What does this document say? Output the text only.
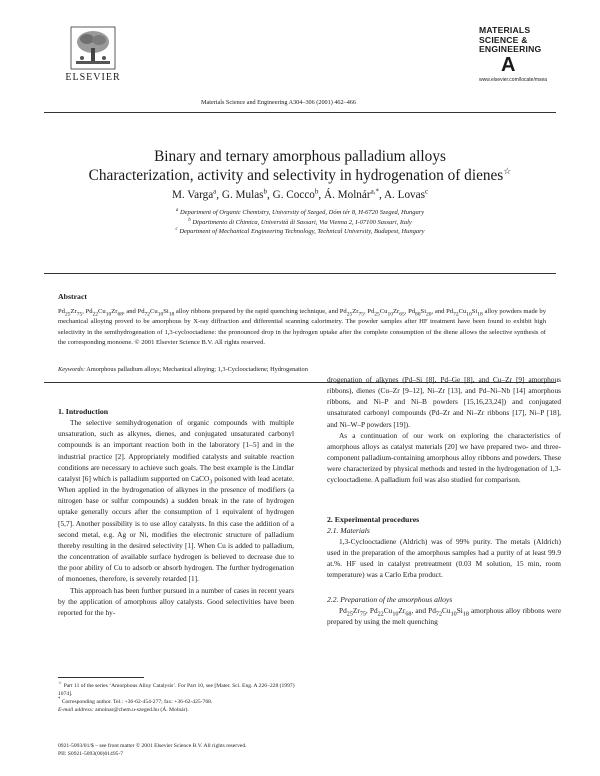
ELSEVIER
Materials Science and Engineering A304–306 (2001) 462–466
MATERIALS
SCIENCE &
ENGINEERING
A
www.elsevier.com/locate/msea
Binary and ternary amorphous palladium alloys
Characterization, activity and selectivity in hydrogenation of dienes☆
M. Varga$^a$, G. Mulas$^b$, G. Cocco$^b$, Á. Molnár$^{a,*}$, A. Lovas$^c$
$^a$ Department of Organic Chemistry, University of Szeged, Dóm tér 8, H-6720 Szeged, Hungary
$^b$ Dipartimento di Chimica, Università di Sassari, Via Vienna 2, I-07100 Sassari, Italy
$^c$ Department of Mechanical Engineering Technology, Technical University, Budapest, Hungary
Abstract
$Pd_{25}Zr_{75}$, $Pd_{22}Cu_{10}Zr_{68}$, and $Pd_{72}Cu_{10}Si_{18}$ alloy ribbons prepared by the rapid quenching technique, and $Pd_{25}Zr_{75}$, $Pd_{25}Cu_{10}Zr_{65}$, $Pd_{80}Si_{20}$, and $Pd_{72}Cu_{10}Si_{18}$ alloy powders made by mechanical alloying proved to be amorphous by X-ray diffraction and differential scanning calorimetry. The powder samples after HF treatment have been found to exhibit high selectivity in the semihydrogenation of 1,3-cyclooctadiene: the pronounced drop in the hydrogen uptake after the complete consumption of the diene allows the selective synthesis of the corresponding monoene. © 2001 Elsevier Science B.V. All rights reserved.
Keywords: Amorphous palladium alloys; Mechanical alloying; 1,3-Cyclooctadiene; Hydrogenation

1. Introduction

The selective semihydrogenation of organic compounds with multiple unsaturation, such as alkynes, dienes, and conjugated unsaturated carbonyl compounds is an important reaction both in the laboratory [1–5] and in the industrial practice [2]. Appropriately modified catalysts and suitable reaction conditions are necessary to achieve such goals. The best example is the Lindlar catalyst [6] which is palladium supported on CaCO$_3$ poisoned with lead acetate. When applied in the hydrogenation of alkynes in the presence of modifiers (a nitrogen base or sulfur compounds) a sudden break in the rate of hydrogen uptake generally occurs after the consumption of 1 equivalent of hydrogen [5,7]. Another possibility is to use alloy catalysts. In this case the addition of a second metal, e.g. Ag or Ni, modifies the electronic structure of palladium thereby resulting in the desired selectivity [1]. When Cu is added to palladium, the concentration of available surface hydrogen is believed to decrease due to the poor ability of Cu to adsorb or absorb hydrogen. The further hydrogenation of monoenes, therefore, is severely retarded [1].

This approach has been further pursued in a number of cases in recent years by the application of amorphous alloy catalysts. Good selectivities have been reported for the hy-

drogenation of alkynes (Pd–Si [8], Pd–Ge [8], and Cu–Zr [9] amorphous ribbons), dienes (Cu–Zr [9–12], Ni–Zr [13], and Pd–Ni–Nb [14] amorphous ribbons, and Ni–P and Ni–B powders [15,16,23,24]) and conjugated unsaturated carbonyl compounds (Pd–Zr and Ni–Zr ribbons [17], Ni–P [18], and Ni–W–P powders [19]).

As a continuation of our work on exploring the characteristics of amorphous alloys as catalyst materials [20] we have prepared two- and three-component palladium-containing amorphous alloy ribbons and powders. These were characterized by physical methods and tested in the hydrogenation of 1,3-cyclooctadiene. A palladium foil was also studied for comparison.

2. Experimental procedures

2.1. Materials

1,3-Cyclooctadiene (Aldrich) was of 99% purity. The metals (Aldrich) used in the preparation of the amorphous samples had a purity of at least 99.9 at.%. HF used in catalyst pretreatment (0.03 M solution, 15 min, room temperature) was a Carlo Erba product.

2.2. Preparation of the amorphous alloys

$Pd_{25}Zr_{75}$, $Pd_{22}Cu_{10}Zr_{68}$, and $Pd_{72}Cu_{10}Si_{18}$ amorphous alloy ribbons were prepared by using the melt quenching

☆ Part 11 of the series ‘Amorphous Alloy Catalysis’. For Part 10, see [Mater. Sci. Eng. A 226–228 (1997) 1074].
* Corresponding author. Tel.: +36-62-454-277; fax: +36-62-425-768.
E-mail address: amolnar@chem.u-szeged.hu (Á. Molnár).
0921-5093/01/$ – see front matter © 2001 Elsevier Science B.V. All rights reserved.
PII: S0921-5093(00)01495-7
